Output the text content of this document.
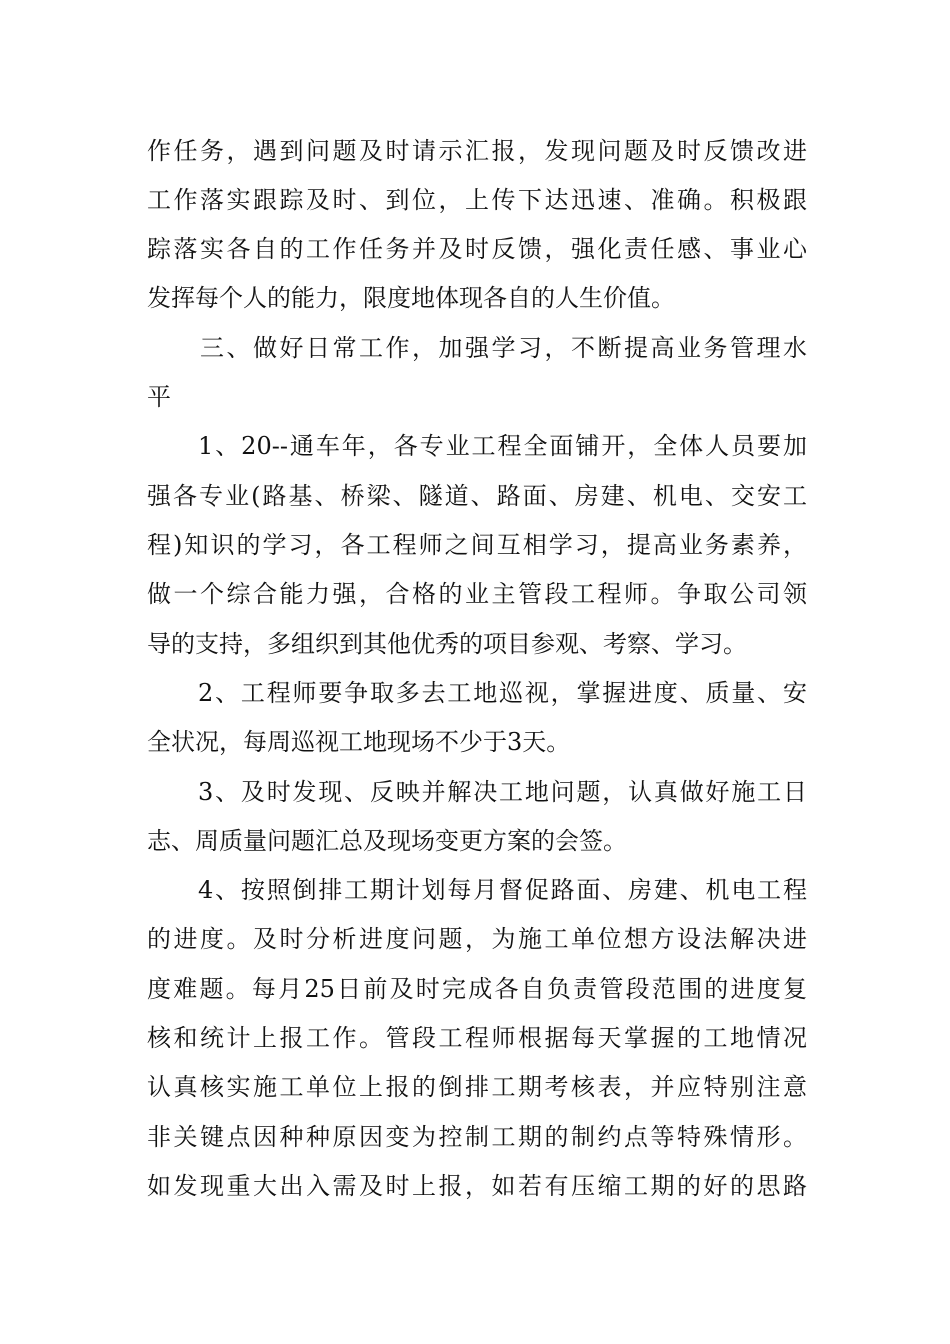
作任务，遇到问题及时请示汇报，发现问题及时反馈改进
工作落实跟踪及时、到位，上传下达迅速、准确。积极跟
踪落实各自的工作任务并及时反馈，强化责任感、事业心
发挥每个人的能力，限度地体现各自的人生价值。
三、做好日常工作，加强学习，不断提高业务管理水
平
1、20--通车年，各专业工程全面铺开，全体人员要加
强各专业(路基、桥梁、隧道、路面、房建、机电、交安工
程)知识的学习，各工程师之间互相学习，提高业务素养，
做一个综合能力强，合格的业主管段工程师。争取公司领
导的支持，多组织到其他优秀的项目参观、考察、学习。
2、工程师要争取多去工地巡视，掌握进度、质量、安
全状况，每周巡视工地现场不少于3天。
3、及时发现、反映并解决工地问题，认真做好施工日
志、周质量问题汇总及现场变更方案的会签。
4、按照倒排工期计划每月督促路面、房建、机电工程
的进度。及时分析进度问题，为施工单位想方设法解决进
度难题。每月25日前及时完成各自负责管段范围的进度复
核和统计上报工作。管段工程师根据每天掌握的工地情况
认真核实施工单位上报的倒排工期考核表，并应特别注意
非关键点因种种原因变为控制工期的制约点等特殊情形。
如发现重大出入需及时上报，如若有压缩工期的好的思路
